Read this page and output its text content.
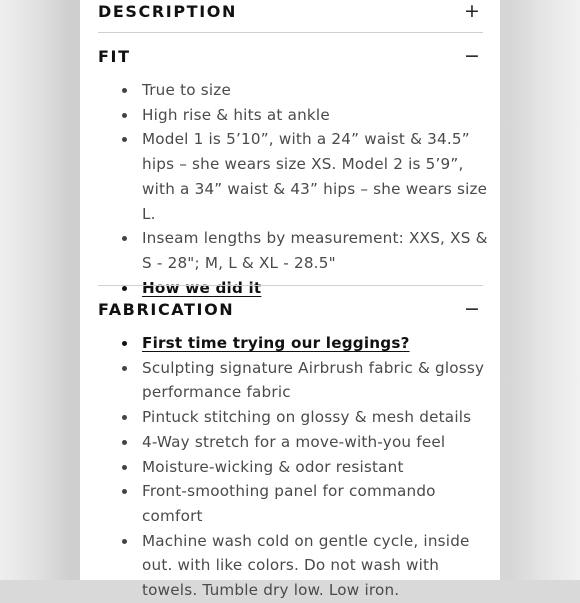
DESCRIPTION	+
FIT	−
True to size
High rise & hits at ankle
Model 1 is 5’10”, with a 24” waist & 34.5” hips – she wears size XS. Model 2 is 5’9”, with a 34” waist & 43” hips – she wears size L.
Inseam lengths by measurement: XXS, XS & S - 28"; M, L & XL - 28.5"
How we did it
FABRICATION	−
First time trying our leggings?
Sculpting signature Airbrush fabric & glossy performance fabric
Pintuck stitching on glossy & mesh details
4-Way stretch for a move-with-you feel
Moisture-wicking & odor resistant
Front-smoothing panel for commando comfort
Machine wash cold on gentle cycle, inside out. with like colors. Do not wash with towels. Tumble dry low. Low iron.
